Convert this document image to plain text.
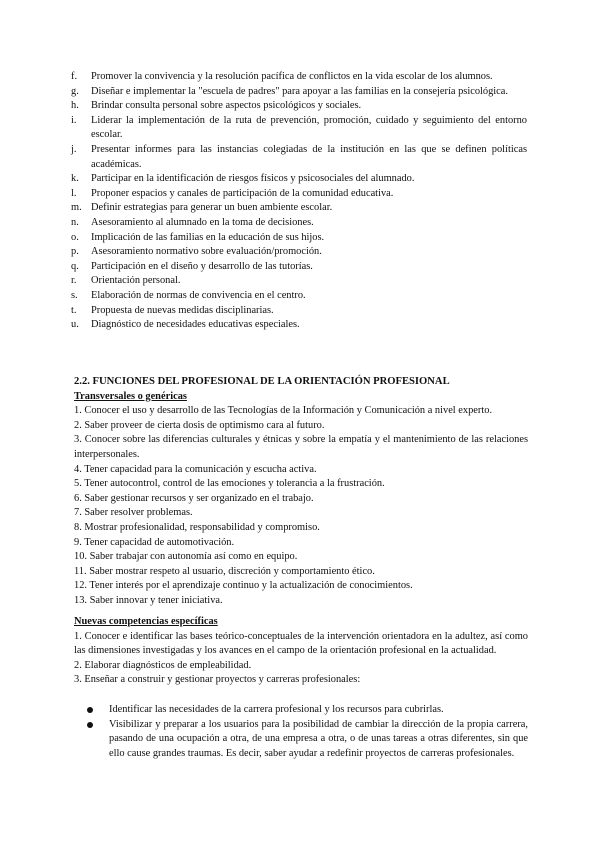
f. Promover la convivencia y la resolución pacífica de conflictos en la vida escolar de los alumnos.
g. Diseñar e implementar la "escuela de padres" para apoyar a las familias en la consejería psicológica.
h. Brindar consulta personal sobre aspectos psicológicos y sociales.
i. Liderar la implementación de la ruta de prevención, promoción, cuidado y seguimiento del entorno escolar.
j. Presentar informes para las instancias colegiadas de la institución en las que se definen políticas académicas.
k. Participar en la identificación de riesgos físicos y psicosociales del alumnado.
l. Proponer espacios y canales de participación de la comunidad educativa.
m. Definir estrategias para generar un buen ambiente escolar.
n. Asesoramiento al alumnado en la toma de decisiones.
o. Implicación de las familias en la educación de sus hijos.
p. Asesoramiento normativo sobre evaluación/promoción.
q. Participación en el diseño y desarrollo de las tutorías.
r. Orientación personal.
s. Elaboración de normas de convivencia en el centro.
t. Propuesta de nuevas medidas disciplinarias.
u. Diagnóstico de necesidades educativas especiales.
2.2. FUNCIONES DEL PROFESIONAL DE LA ORIENTACIÓN PROFESIONAL
Transversales o genéricas

1. Conocer el uso y desarrollo de las Tecnologías de la Información y Comunicación a nivel experto.

2. Saber proveer de cierta dosis de optimismo cara al futuro.

3. Conocer sobre las diferencias culturales y étnicas y sobre la empatía y el mantenimiento de las relaciones interpersonales.

4. Tener capacidad para la comunicación y escucha activa.

5. Tener autocontrol, control de las emociones y tolerancia a la frustración.

6. Saber gestionar recursos y ser organizado en el trabajo.

7. Saber resolver problemas.

8. Mostrar profesionalidad, responsabilidad y compromiso.

9. Tener capacidad de automotivación.

10. Saber trabajar con autonomía así como en equipo.

11. Saber mostrar respeto al usuario, discreción y comportamiento ético.

12. Tener interés por el aprendizaje continuo y la actualización de conocimientos.

13. Saber innovar y tener iniciativa.

Nuevas competencias específicas

1. Conocer e identificar las bases teórico-conceptuales de la intervención orientadora en la adultez, así como las dimensiones investigadas y los avances en el campo de la orientación profesional en la actualidad.

2. Elaborar diagnósticos de empleabilidad.

3. Enseñar a construir y gestionar proyectos y carreras profesionales:

Identificar las necesidades de la carrera profesional y los recursos para cubrirlas.
Visibilizar y preparar a los usuarios para la posibilidad de cambiar la dirección de la propia carrera, pasando de una ocupación a otra, de una empresa a otra, o de unas tareas a otras diferentes, sin que ello cause grandes traumas. Es decir, saber ayudar a redefinir proyectos de carreras profesionales.
